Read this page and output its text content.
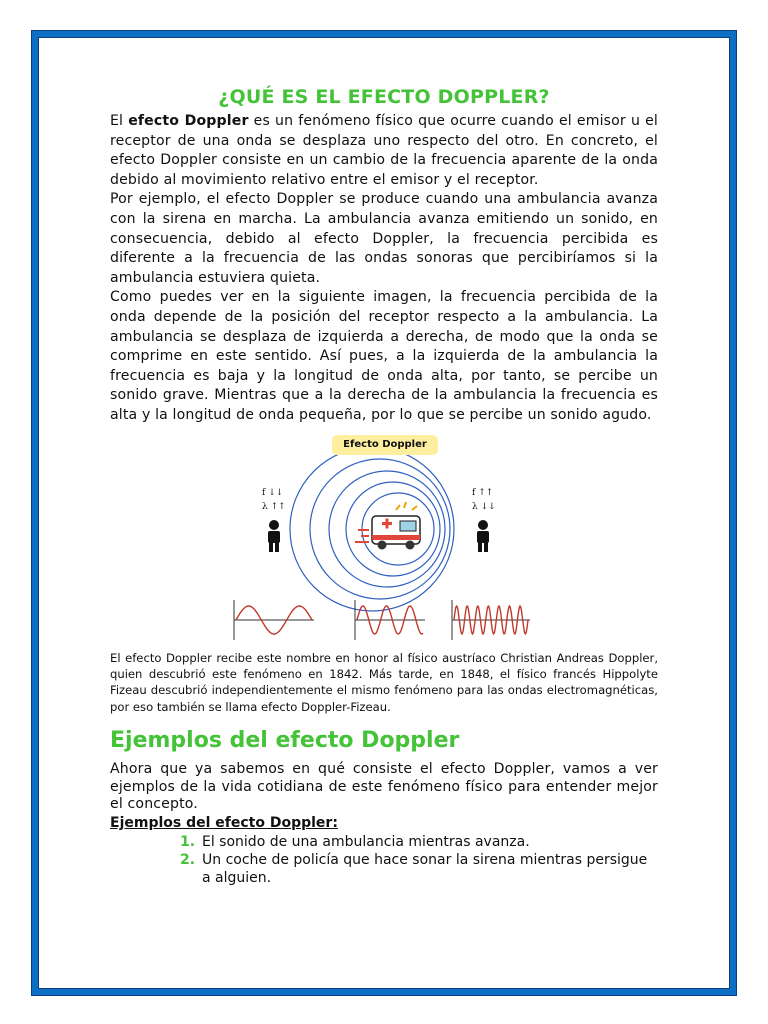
¿QUÉ ES EL EFECTO DOPPLER?

El efecto Doppler es un fenómeno físico que ocurre cuando el emisor u el receptor de una onda se desplaza uno respecto del otro. En concreto, el efecto Doppler consiste en un cambio de la frecuencia aparente de la onda debido al movimiento relativo entre el emisor y el receptor.

Por ejemplo, el efecto Doppler se produce cuando una ambulancia avanza con la sirena en marcha. La ambulancia avanza emitiendo un sonido, en consecuencia, debido al efecto Doppler, la frecuencia percibida es diferente a la frecuencia de las ondas sonoras que percibiríamos si la ambulancia estuviera quieta.

Como puedes ver en la siguiente imagen, la frecuencia percibida de la onda depende de la posición del receptor respecto a la ambulancia. La ambulancia se desplaza de izquierda a derecha, de modo que la onda se comprime en este sentido. Así pues, a la izquierda de la ambulancia la frecuencia es baja y la longitud de onda alta, por tanto, se percibe un sonido grave. Mientras que a la derecha de la ambulancia la frecuencia es alta y la longitud de onda pequeña, por lo que se percibe un sonido agudo.

Efecto Doppler
f ↓↓
λ ↑↑
f ↑↑
λ ↓↓

El efecto Doppler recibe este nombre en honor al físico austríaco Christian Andreas Doppler, quien descubrió este fenómeno en 1842. Más tarde, en 1848, el físico francés Hippolyte Fizeau descubrió independientemente el mismo fenómeno para las ondas electromagnéticas, por eso también se llama efecto Doppler-Fizeau.

Ejemplos del efecto Doppler

Ahora que ya sabemos en qué consiste el efecto Doppler, vamos a ver ejemplos de la vida cotidiana de este fenómeno físico para entender mejor el concepto.

Ejemplos del efecto Doppler:

1. El sonido de una ambulancia mientras avanza.
2. Un coche de policía que hace sonar la sirena mientras persigue a alguien.
